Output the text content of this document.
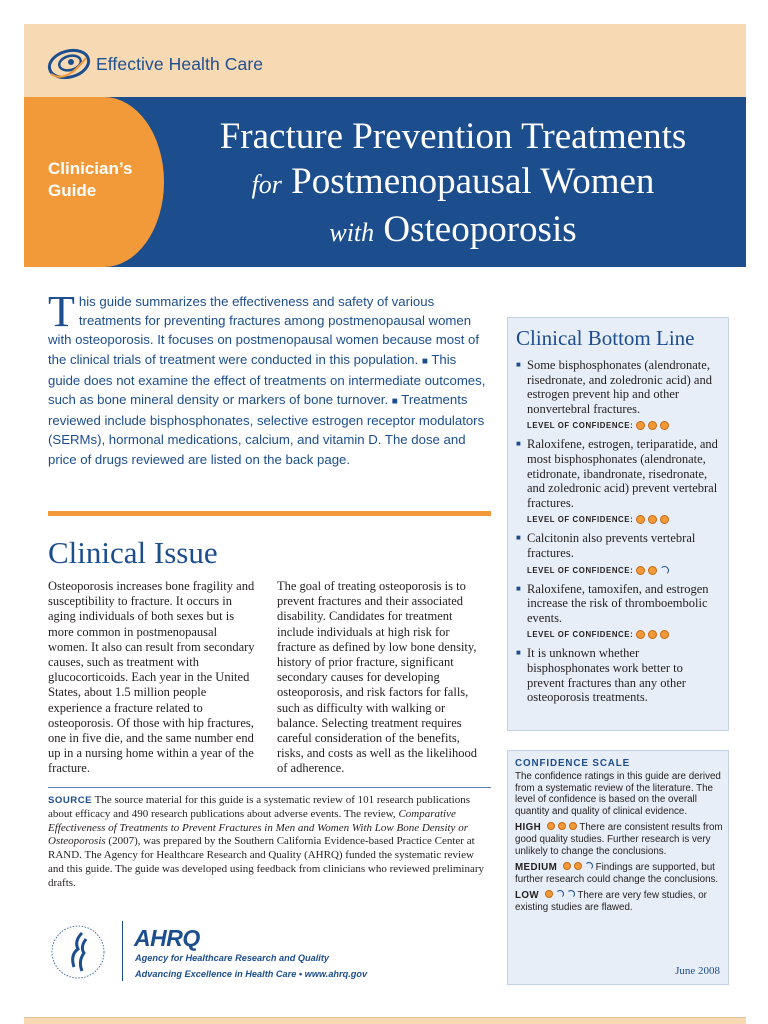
Effective Health Care
Clinician’s
Guide
Fracture Prevention Treatments
for Postmenopausal Women
with Osteoporosis
This guide summarizes the effectiveness and safety of various treatments for preventing fractures among postmenopausal women with osteoporosis. It focuses on postmenopausal women because most of the clinical trials of treatment were conducted in this population. ■ This guide does not examine the effect of treatments on intermediate outcomes, such as bone mineral density or markers of bone turnover. ■ Treatments reviewed include bisphosphonates, selective estrogen receptor modulators (SERMs), hormonal medications, calcium, and vitamin D. The dose and price of drugs reviewed are listed on the back page.
Clinical Issue
Osteoporosis increases bone fragility and susceptibility to fracture. It occurs in aging individuals of both sexes but is more common in postmenopausal women. It also can result from secondary causes, such as treatment with glucocorticoids. Each year in the United States, about 1.5 million people experience a fracture related to osteoporosis. Of those with hip fractures, one in five die, and the same number end up in a nursing home within a year of the fracture.
The goal of treating osteoporosis is to prevent fractures and their associated disability. Candidates for treatment include individuals at high risk for fracture as defined by low bone density, history of prior fracture, significant secondary causes for developing osteoporosis, and risk factors for falls, such as difficulty with walking or balance. Selecting treatment requires careful consideration of the benefits, risks, and costs as well as the likelihood of adherence.
SOURCE The source material for this guide is a systematic review of 101 research publications about efficacy and 490 research publications about adverse events. The review, Comparative Effectiveness of Treatments to Prevent Fractures in Men and Women With Low Bone Density or Osteoporosis (2007), was prepared by the Southern California Evidence-based Practice Center at RAND. The Agency for Healthcare Research and Quality (AHRQ) funded the systematic review and this guide. The guide was developed using feedback from clinicians who reviewed preliminary drafts.
AHRQ
Agency for Healthcare Research and Quality
Advancing Excellence in Health Care • www.ahrq.gov
Clinical Bottom Line
■ Some bisphosphonates (alendronate, risedronate, and zoledronic acid) and estrogen prevent hip and other nonvertebral fractures.
LEVEL OF CONFIDENCE:
■ Raloxifene, estrogen, teriparatide, and most bisphosphonates (alendronate, etidronate, ibandronate, risedronate, and zoledronic acid) prevent vertebral fractures.
LEVEL OF CONFIDENCE:
■ Calcitonin also prevents vertebral fractures.
LEVEL OF CONFIDENCE:
■ Raloxifene, tamoxifen, and estrogen increase the risk of thromboembolic events.
LEVEL OF CONFIDENCE:
■ It is unknown whether bisphosphonates work better to prevent fractures than any other osteoporosis treatments.
CONFIDENCE SCALE
The confidence ratings in this guide are derived from a systematic review of the literature. The level of confidence is based on the overall quantity and quality of clinical evidence.
HIGH	There are consistent results from good quality studies. Further research is very unlikely to change the conclusions.
MEDIUM	Findings are supported, but further research could change the conclusions.
LOW	There are very few studies, or existing studies are flawed.
June 2008
